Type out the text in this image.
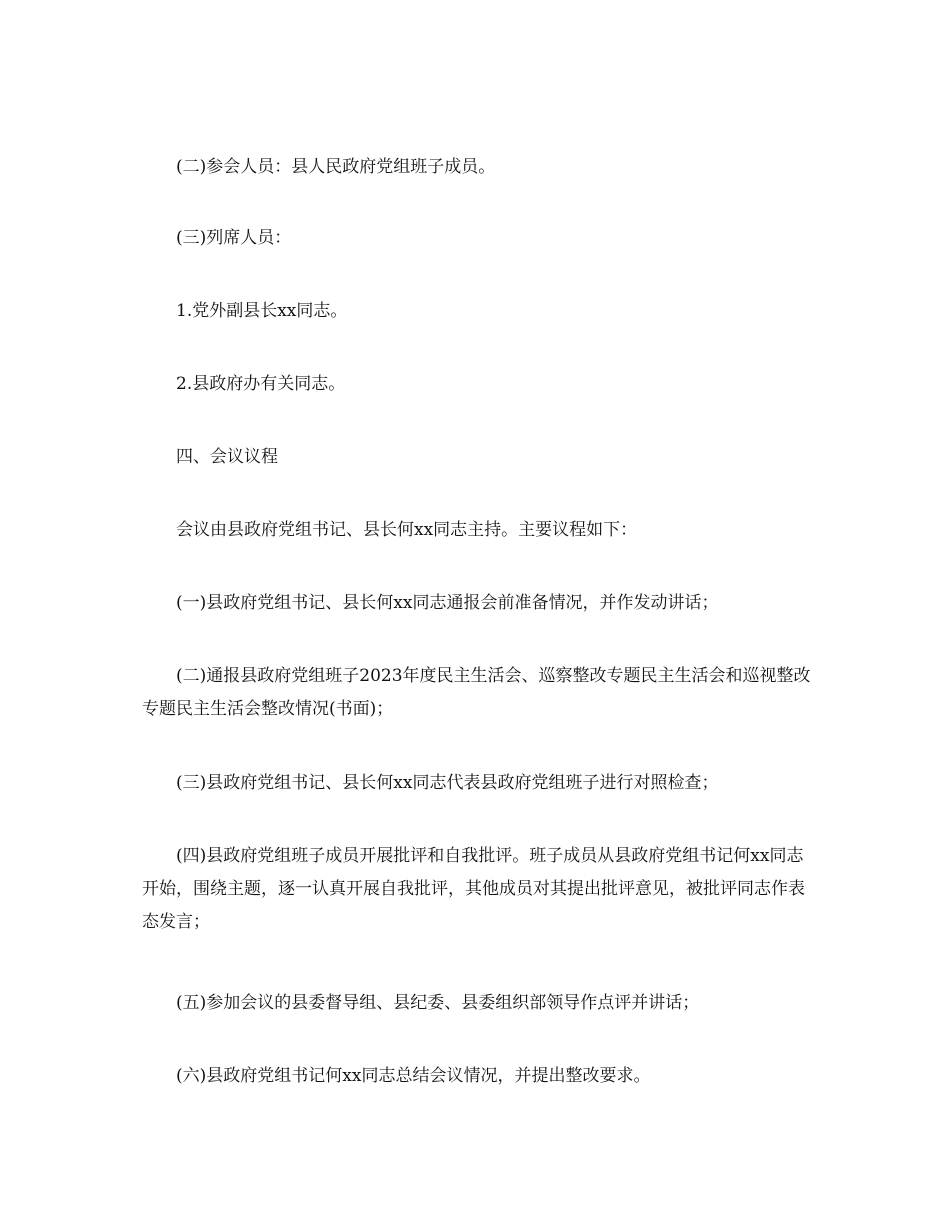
(二)参会人员：县人民政府党组班子成员。

(三)列席人员：

1.党外副县长xx同志。

2.县政府办有关同志。

四、会议议程

会议由县政府党组书记、县长何xx同志主持。主要议程如下：

(一)县政府党组书记、县长何xx同志通报会前准备情况，并作发动讲话；

(二)通报县政府党组班子2023年度民主生活会、巡察整改专题民主生活会和巡视整改专题民主生活会整改情况(书面)；

(三)县政府党组书记、县长何xx同志代表县政府党组班子进行对照检查；

(四)县政府党组班子成员开展批评和自我批评。班子成员从县政府党组书记何xx同志开始，围绕主题，逐一认真开展自我批评，其他成员对其提出批评意见，被批评同志作表态发言；

(五)参加会议的县委督导组、县纪委、县委组织部领导作点评并讲话；

(六)县政府党组书记何xx同志总结会议情况，并提出整改要求。
